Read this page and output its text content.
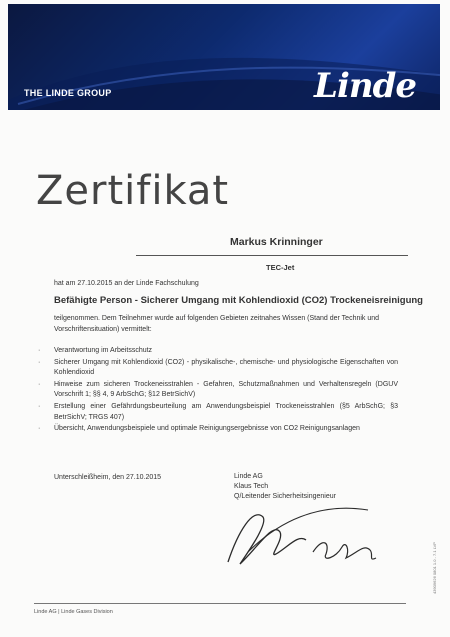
THE LINDE GROUP	Linde
Zertifikat
Markus Krinninger
TEC-Jet
hat am 27.10.2015 an der Linde Fachschulung
Befähigte Person - Sicherer Umgang mit Kohlendioxid (CO2) Trockeneisreinigung
teilgenommen. Dem Teilnehmer wurde auf folgenden Gebieten zeitnahes Wissen (Stand der Technik und Vorschriftensituation) vermittelt:
· Verantwortung im Arbeitsschutz
· Sicherer Umgang mit Kohlendioxid (CO2) - physikalische-, chemische- und physiologische Eigenschaften von Kohlendioxid
· Hinweise zum sicheren Trockeneisstrahlen - Gefahren, Schutzmaßnahmen und Verhaltensregeln (DGUV Vorschrift 1; §§ 4, 9 ArbSchG; §12 BetrSichV)
· Erstellung einer Gefährdungsbeurteilung am Anwendungsbeispiel Trockeneisstrahlen (§5 ArbSchG; §3 BetrSichV; TRGS 407)
· Übersicht, Anwendungsbeispiele und optimale Reinigungsergebnisse von CO2 Reinigungsanlagen
Unterschleißheim, den 27.10.2015	Linde AG
Klaus Tech
Q/Leitender Sicherheitsingenieur
Linde AG | Linde Gases Division
43909626 0801 1.0 - 7.1 LVP
